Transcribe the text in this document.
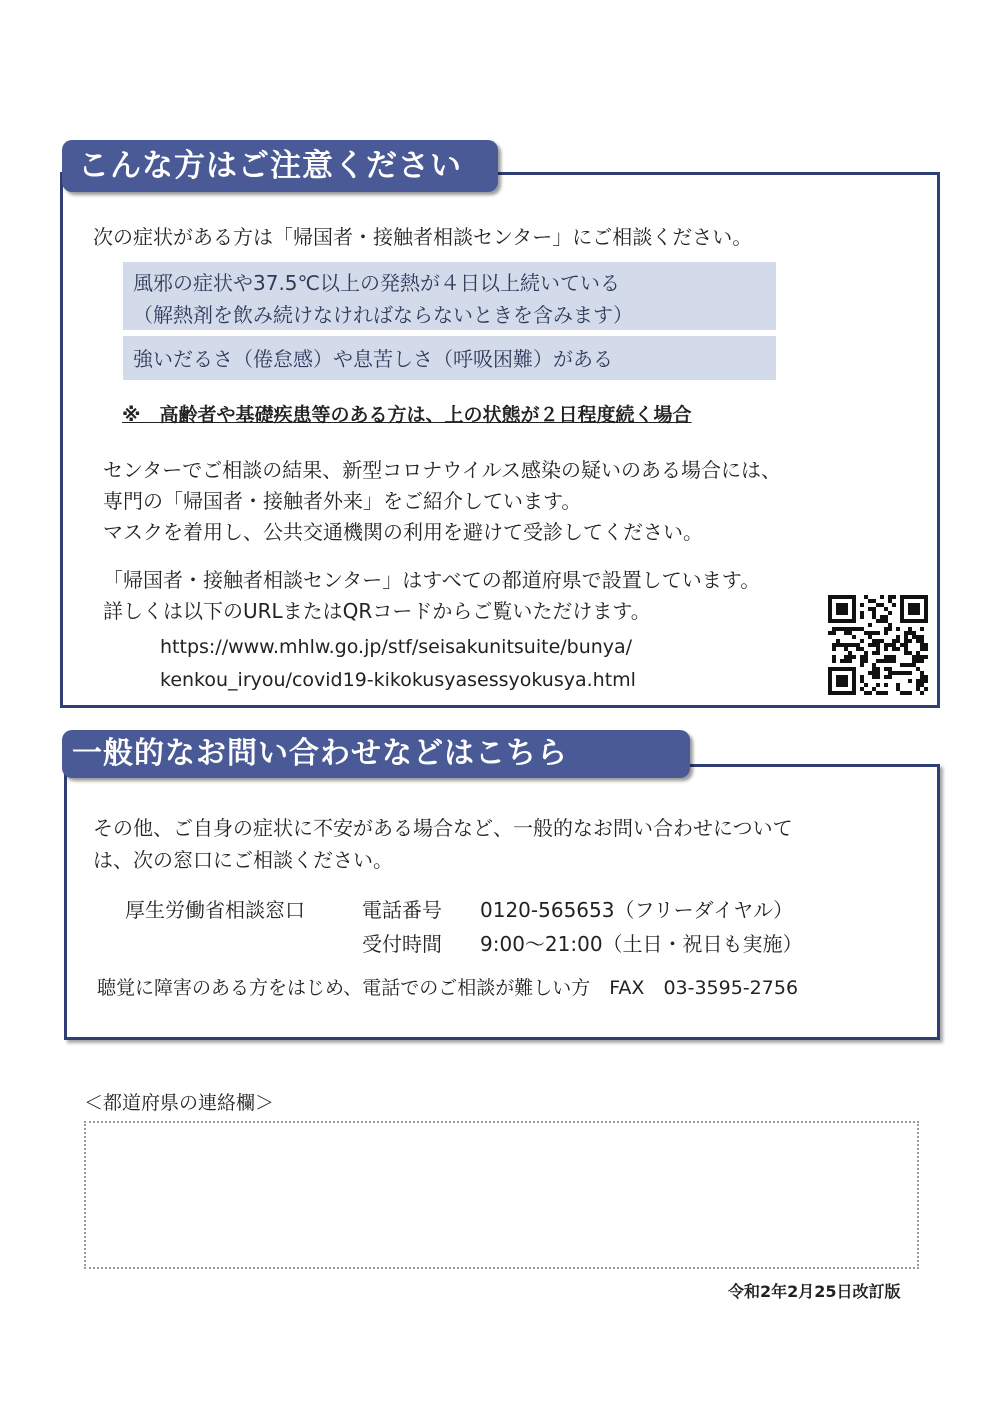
こんな方はご注意ください
次の症状がある方は「帰国者・接触者相談センター」にご相談ください。
風邪の症状や37.5℃以上の発熱が４日以上続いている
（解熱剤を飲み続けなければならないときを含みます）
強いだるさ（倦怠感）や息苦しさ（呼吸困難）がある
※　高齢者や基礎疾患等のある方は、上の状態が２日程度続く場合
センターでご相談の結果、新型コロナウイルス感染の疑いのある場合には、
専門の「帰国者・接触者外来」をご紹介しています。
マスクを着用し、公共交通機関の利用を避けて受診してください。
「帰国者・接触者相談センター」はすべての都道府県で設置しています。
詳しくは以下のURLまたはQRコードからご覧いただけます。
https://www.mhlw.go.jp/stf/seisakunitsuite/bunya/
kenkou_iryou/covid19-kikokusyasessyokusya.html
一般的なお問い合わせなどはこちら
その他、ご自身の症状に不安がある場合など、一般的なお問い合わせについて
は、次の窓口にご相談ください。
厚生労働省相談窓口	電話番号 0120-565653（フリーダイヤル）
受付時間 9:00～21:00（土日・祝日も実施）
聴覚に障害のある方をはじめ、電話でのご相談が難しい方　FAX　03-3595-2756
＜都道府県の連絡欄＞
令和2年2月25日改訂版
